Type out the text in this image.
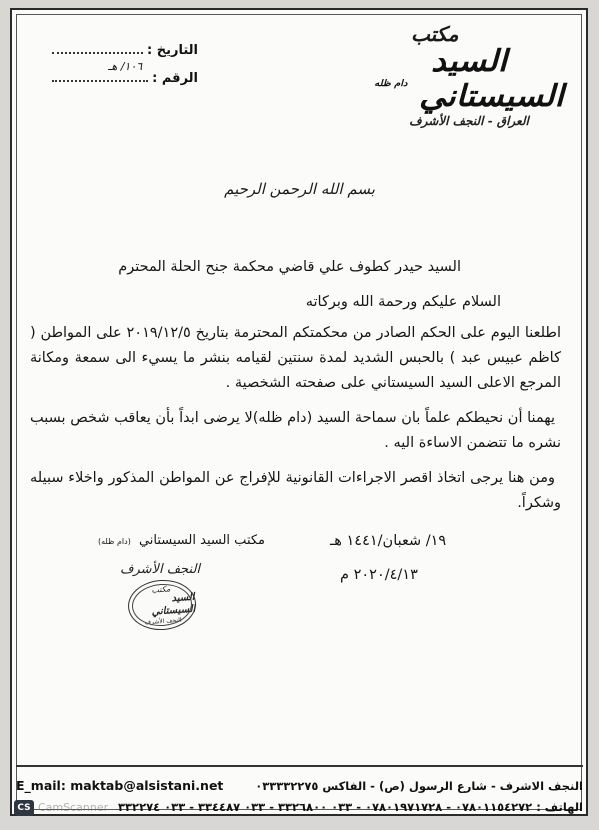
التاريخ :
الرقم :
١٠٦/ هـ
مكتب
السيد السيستاني $^{دام ظله}$
العراق - النجف الأشرف
بسم الله الرحمن الرحيم
السيد حيدر كطوف علي قاضي محكمة جنح الحلة المحترم
السلام عليكم ورحمة الله وبركاته

اطلعنا اليوم على الحكم الصادر من محكمتكم المحترمة بتاريخ ٢٠١٩/١٢/٥ على المواطن ( كاظم عبيس عبد ) بالحبس الشديد لمدة سنتين لقيامه بنشر ما يسيء الى سمعة ومكانة المرجع الاعلى السيد السيستاني على صفحته الشخصية .

يهمنا أن نحيطكم علماً بان سماحة السيد (دام ظله)لا يرضى ابداً بأن يعاقب شخص بسبب نشره ما تتضمن الاساءة اليه .

ومن هنا يرجى اتخاذ اقصر الاجراءات القانونية للإفراج عن المواطن المذكور واخلاء سبيله وشكراً.

١٩/ شعبان/١٤٤١ هـ
٢٠٢٠/٤/١٣ م
مكتب السيد السيستاني (دام ظله)
النجف الأشرف
مكتب
السيد السيستاني
النجف الأشرف
E_mail: maktab@alsistani.net	النجف الاشرف - شارع الرسول (ص) - الفاكس ٠٣٣٣٣٢٢٧٥
الهاتف : ٠٧٨٠١١٥٤٢٧٢ - ٠٧٨٠١٩٧١٧٢٨ - ٠٣٣ ٣٣٢٦٨٠٠ - ٠٣٣ ٣٣٤٤٨٧ - ٠٣٣ ٣٣٢٢٧٤
CS CamScanner
